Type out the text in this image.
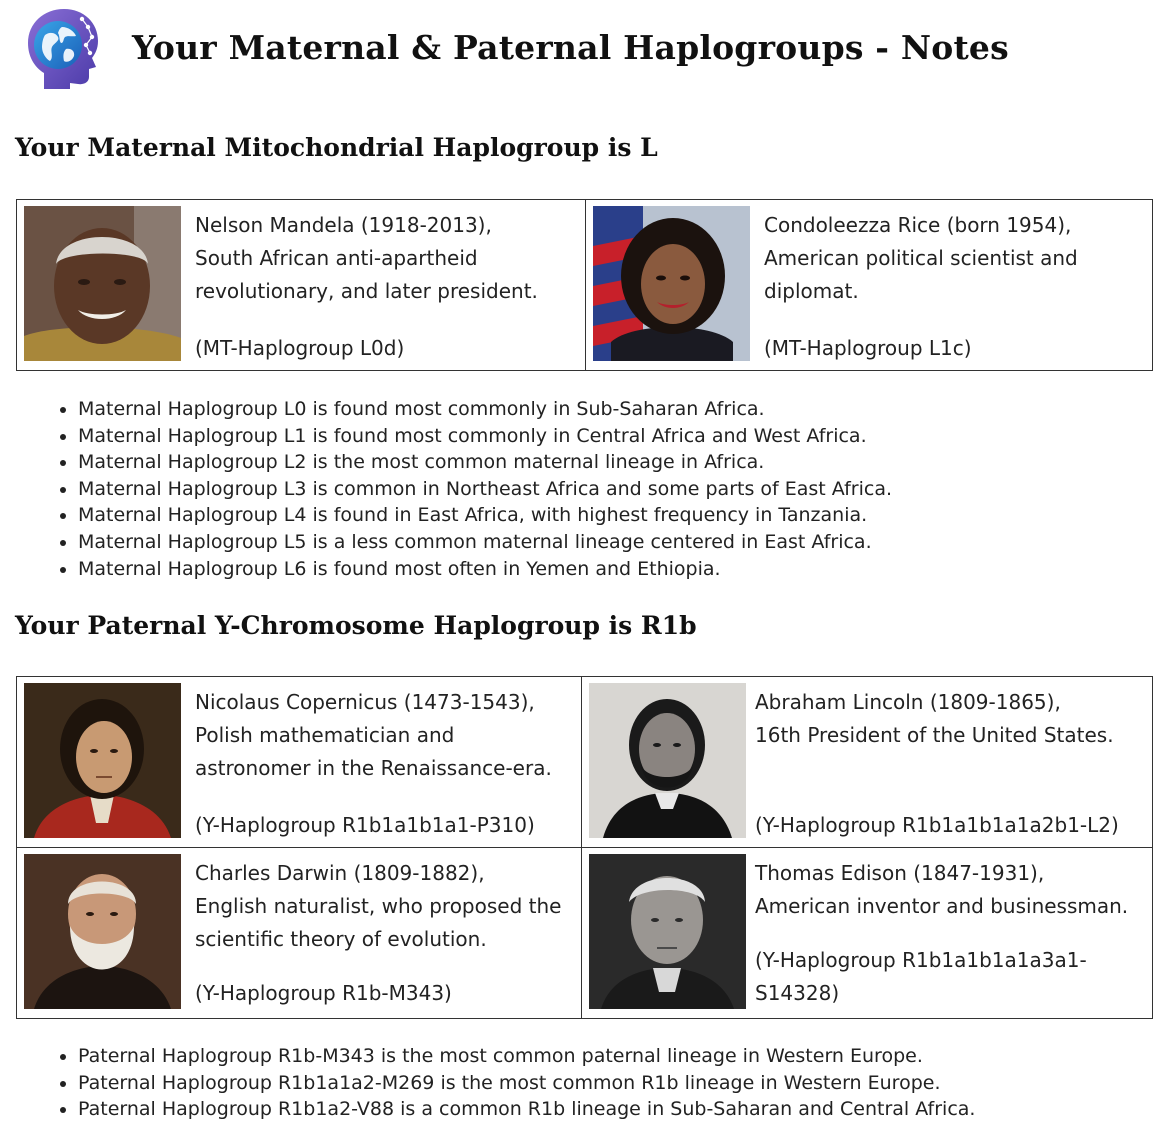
Your Maternal & Paternal Haplogroups - Notes
Your Maternal Mitochondrial Haplogroup is L
Nelson Mandela (1918-2013),
South African anti-apartheid
revolutionary, and later president.
(MT-Haplogroup L0d)
Condoleezza Rice (born 1954),
American political scientist and
diplomat.
(MT-Haplogroup L1c)
• Maternal Haplogroup L0 is found most commonly in Sub-Saharan Africa.
• Maternal Haplogroup L1 is found most commonly in Central Africa and West Africa.
• Maternal Haplogroup L2 is the most common maternal lineage in Africa.
• Maternal Haplogroup L3 is common in Northeast Africa and some parts of East Africa.
• Maternal Haplogroup L4 is found in East Africa, with highest frequency in Tanzania.
• Maternal Haplogroup L5 is a less common maternal lineage centered in East Africa.
• Maternal Haplogroup L6 is found most often in Yemen and Ethiopia.
Your Paternal Y-Chromosome Haplogroup is R1b
Nicolaus Copernicus (1473-1543),
Polish mathematician and
astronomer in the Renaissance-era.
(Y-Haplogroup R1b1a1b1a1-P310)
Abraham Lincoln (1809-1865),
16th President of the United States.
(Y-Haplogroup R1b1a1b1a1a2b1-L2)
Charles Darwin (1809-1882),
English naturalist, who proposed the
scientific theory of evolution.
(Y-Haplogroup R1b-M343)
Thomas Edison (1847-1931),
American inventor and businessman.
(Y-Haplogroup R1b1a1b1a1a3a1-
S14328)
• Paternal Haplogroup R1b-M343 is the most common paternal lineage in Western Europe.
• Paternal Haplogroup R1b1a1a2-M269 is the most common R1b lineage in Western Europe.
• Paternal Haplogroup R1b1a2-V88 is a common R1b lineage in Sub-Saharan and Central Africa.
